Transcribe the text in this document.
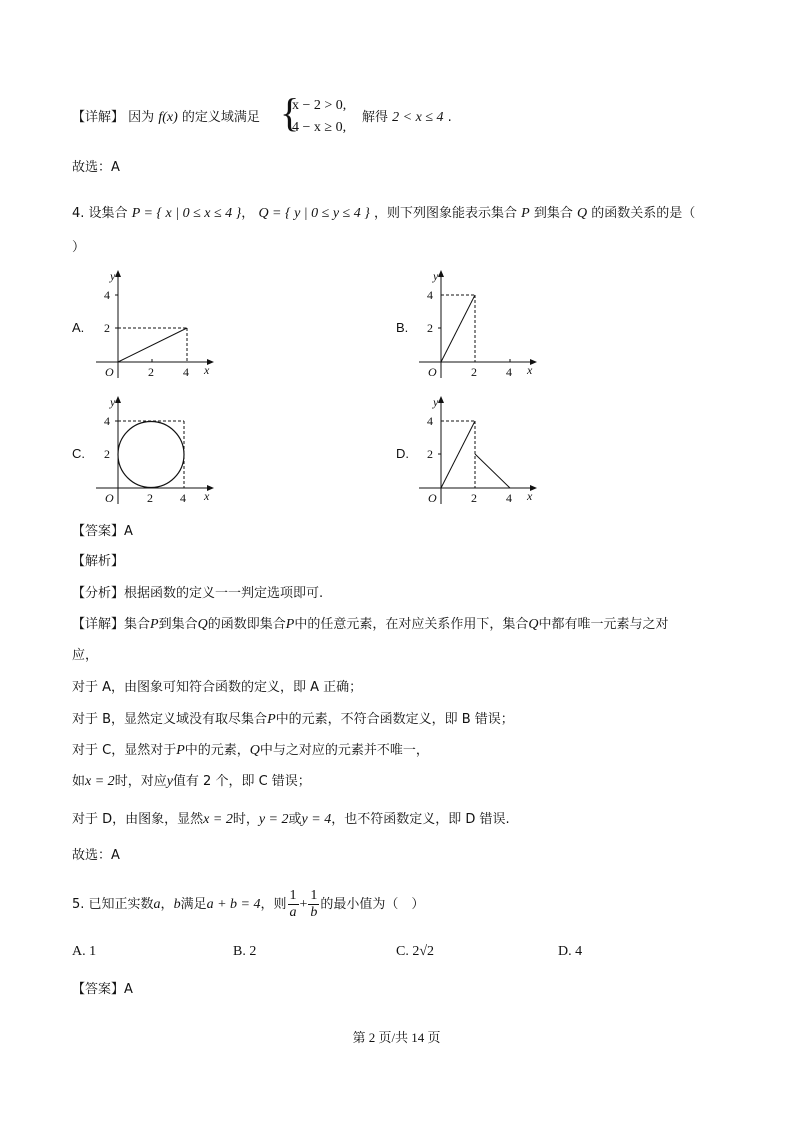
【详解】 因为 f(x) 的定义域满足 {
x − 2 > 0,
4 − x ≥ 0,
解得 2 < x ≤ 4 .
故选：A
4. 设集合 P = { x | 0 ≤ x ≤ 4 }， Q = { y | 0 ≤ y ≤ 4 } ，则下列图象能表示集合 P 到集合 Q 的函数关系的是（
）
A.	B.
C.	D.
y
4
2
O	2 4 x
y
4
2
O	2 4 x
y
4
2
O	2 4 x
y
4
2
O	2 4 x
【答案】A
【解析】
【分析】根据函数的定义一一判定选项即可.
【详解】集合P到集合Q的函数即集合P中的任意元素，在对应关系作用下，集合Q中都有唯一元素与之对
应，
对于 A，由图象可知符合函数的定义，即 A 正确；
对于 B，显然定义域没有取尽集合P中的元素，不符合函数定义，即 B 错误；
对于 C，显然对于P中的元素，Q中与之对应的元素并不唯一，
如x = 2时，对应y值有 2 个，即 C 错误；
对于 D，由图象，显然x = 2时，y = 2或y = 4，也不符函数定义，即 D 错误.
故选：A
5. 已知正实数a，b满足a + b = 4，则 $\frac{1}{a} + \frac{1}{b}$ 的最小值为（　）
A. 1	B. 2	C. 2√2	D. 4
【答案】A
第 2 页/共 14 页
